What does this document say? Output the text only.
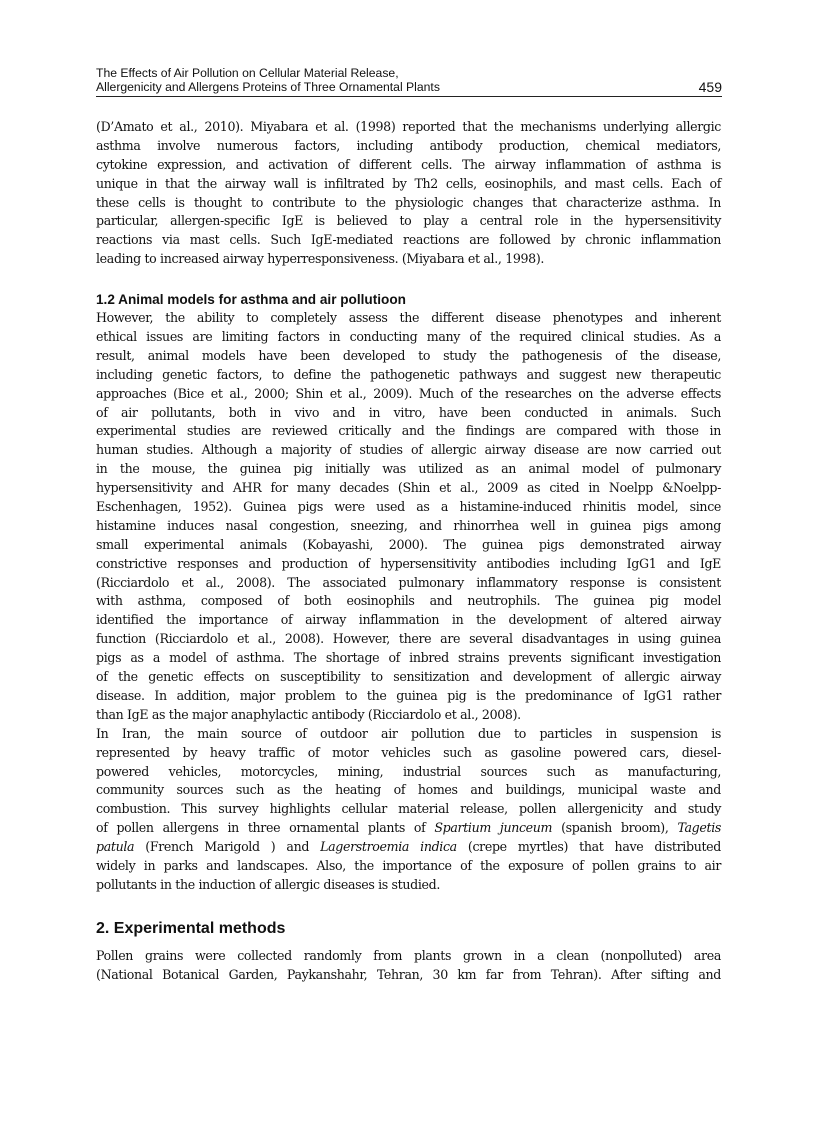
The Effects of Air Pollution on Cellular Material Release,
Allergenicity and Allergens Proteins of Three Ornamental Plants	459
(D’Amato et al., 2010). Miyabara et al. (1998) reported that the mechanisms underlying allergic
asthma involve numerous factors, including antibody production, chemical mediators,
cytokine expression, and activation of different cells. The airway inflammation of asthma is
unique in that the airway wall is infiltrated by Th2 cells, eosinophils, and mast cells. Each of
these cells is thought to contribute to the physiologic changes that characterize asthma. In
particular, allergen-specific IgE is believed to play a central role in the hypersensitivity
reactions via mast cells. Such IgE-mediated reactions are followed by chronic inflammation
leading to increased airway hyperresponsiveness. (Miyabara et al., 1998).
1.2 Animal models for asthma and air pollutioon
However, the ability to completely assess the different disease phenotypes and inherent
ethical issues are limiting factors in conducting many of the required clinical studies. As a
result, animal models have been developed to study the pathogenesis of the disease,
including genetic factors, to define the pathogenetic pathways and suggest new therapeutic
approaches (Bice et al., 2000; Shin et al., 2009). Much of the researches on the adverse effects
of air pollutants, both in vivo and in vitro, have been conducted in animals. Such
experimental studies are reviewed critically and the findings are compared with those in
human studies. Although a majority of studies of allergic airway disease are now carried out
in the mouse, the guinea pig initially was utilized as an animal model of pulmonary
hypersensitivity and AHR for many decades (Shin et al., 2009 as cited in Noelpp &Noelpp-
Eschenhagen, 1952). Guinea pigs were used as a histamine-induced rhinitis model, since
histamine induces nasal congestion, sneezing, and rhinorrhea well in guinea pigs among
small experimental animals (Kobayashi, 2000). The guinea pigs demonstrated airway
constrictive responses and production of hypersensitivity antibodies including IgG1 and IgE
(Ricciardolo et al., 2008). The associated pulmonary inflammatory response is consistent
with asthma, composed of both eosinophils and neutrophils. The guinea pig model
identified the importance of airway inflammation in the development of altered airway
function (Ricciardolo et al., 2008). However, there are several disadvantages in using guinea
pigs as a model of asthma. The shortage of inbred strains prevents significant investigation
of the genetic effects on susceptibility to sensitization and development of allergic airway
disease. In addition, major problem to the guinea pig is the predominance of IgG1 rather
than IgE as the major anaphylactic antibody (Ricciardolo et al., 2008).
In Iran, the main source of outdoor air pollution due to particles in suspension is
represented by heavy traffic of motor vehicles such as gasoline powered cars, diesel-
powered vehicles, motorcycles, mining, industrial sources such as manufacturing,
community sources such as the heating of homes and buildings, municipal waste and
combustion. This survey highlights cellular material release, pollen allergenicity and study
of pollen allergens in three ornamental plants of Spartium junceum (spanish broom), Tagetis
patula (French Marigold ) and Lagerstroemia indica (crepe myrtles) that have distributed
widely in parks and landscapes. Also, the importance of the exposure of pollen grains to air
pollutants in the induction of allergic diseases is studied.
2. Experimental methods
Pollen grains were collected randomly from plants grown in a clean (nonpolluted) area
(National Botanical Garden, Paykanshahr, Tehran, 30 km far from Tehran). After sifting and
